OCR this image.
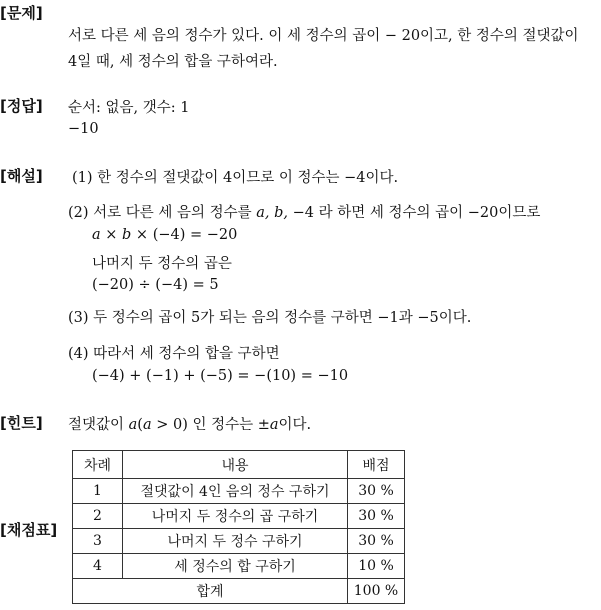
[문제]
서로 다른 세 음의 정수가 있다. 이 세 정수의 곱이 − 20이고, 한 정수의 절댓값이
4일 때, 세 정수의 합을 구하여라.
[정답] 순서: 없음, 갯수: 1
−10
[해설] (1) 한 정수의 절댓값이 4이므로 이 정수는 −4이다.
(2) 서로 다른 세 음의 정수를 a, b, −4 라 하면 세 정수의 곱이 −20이므로
a × b × (−4) = −20
나머지 두 정수의 곱은
(−20) ÷ (−4) = 5
(3) 두 정수의 곱이 5가 되는 음의 정수를 구하면 −1과 −5이다.
(4) 따라서 세 정수의 합을 구하면
(−4) + (−1) + (−5) = −(10) = −10
[힌트] 절댓값이 a(a > 0) 인 정수는 ±a이다.
[채점표]
차례	내용	배점
1	절댓값이 4인 음의 정수 구하기	30 %
2	나머지 두 정수의 곱 구하기	30 %
3	나머지 두 정수 구하기	30 %
4	세 정수의 합 구하기	10 %
합계		100 %
